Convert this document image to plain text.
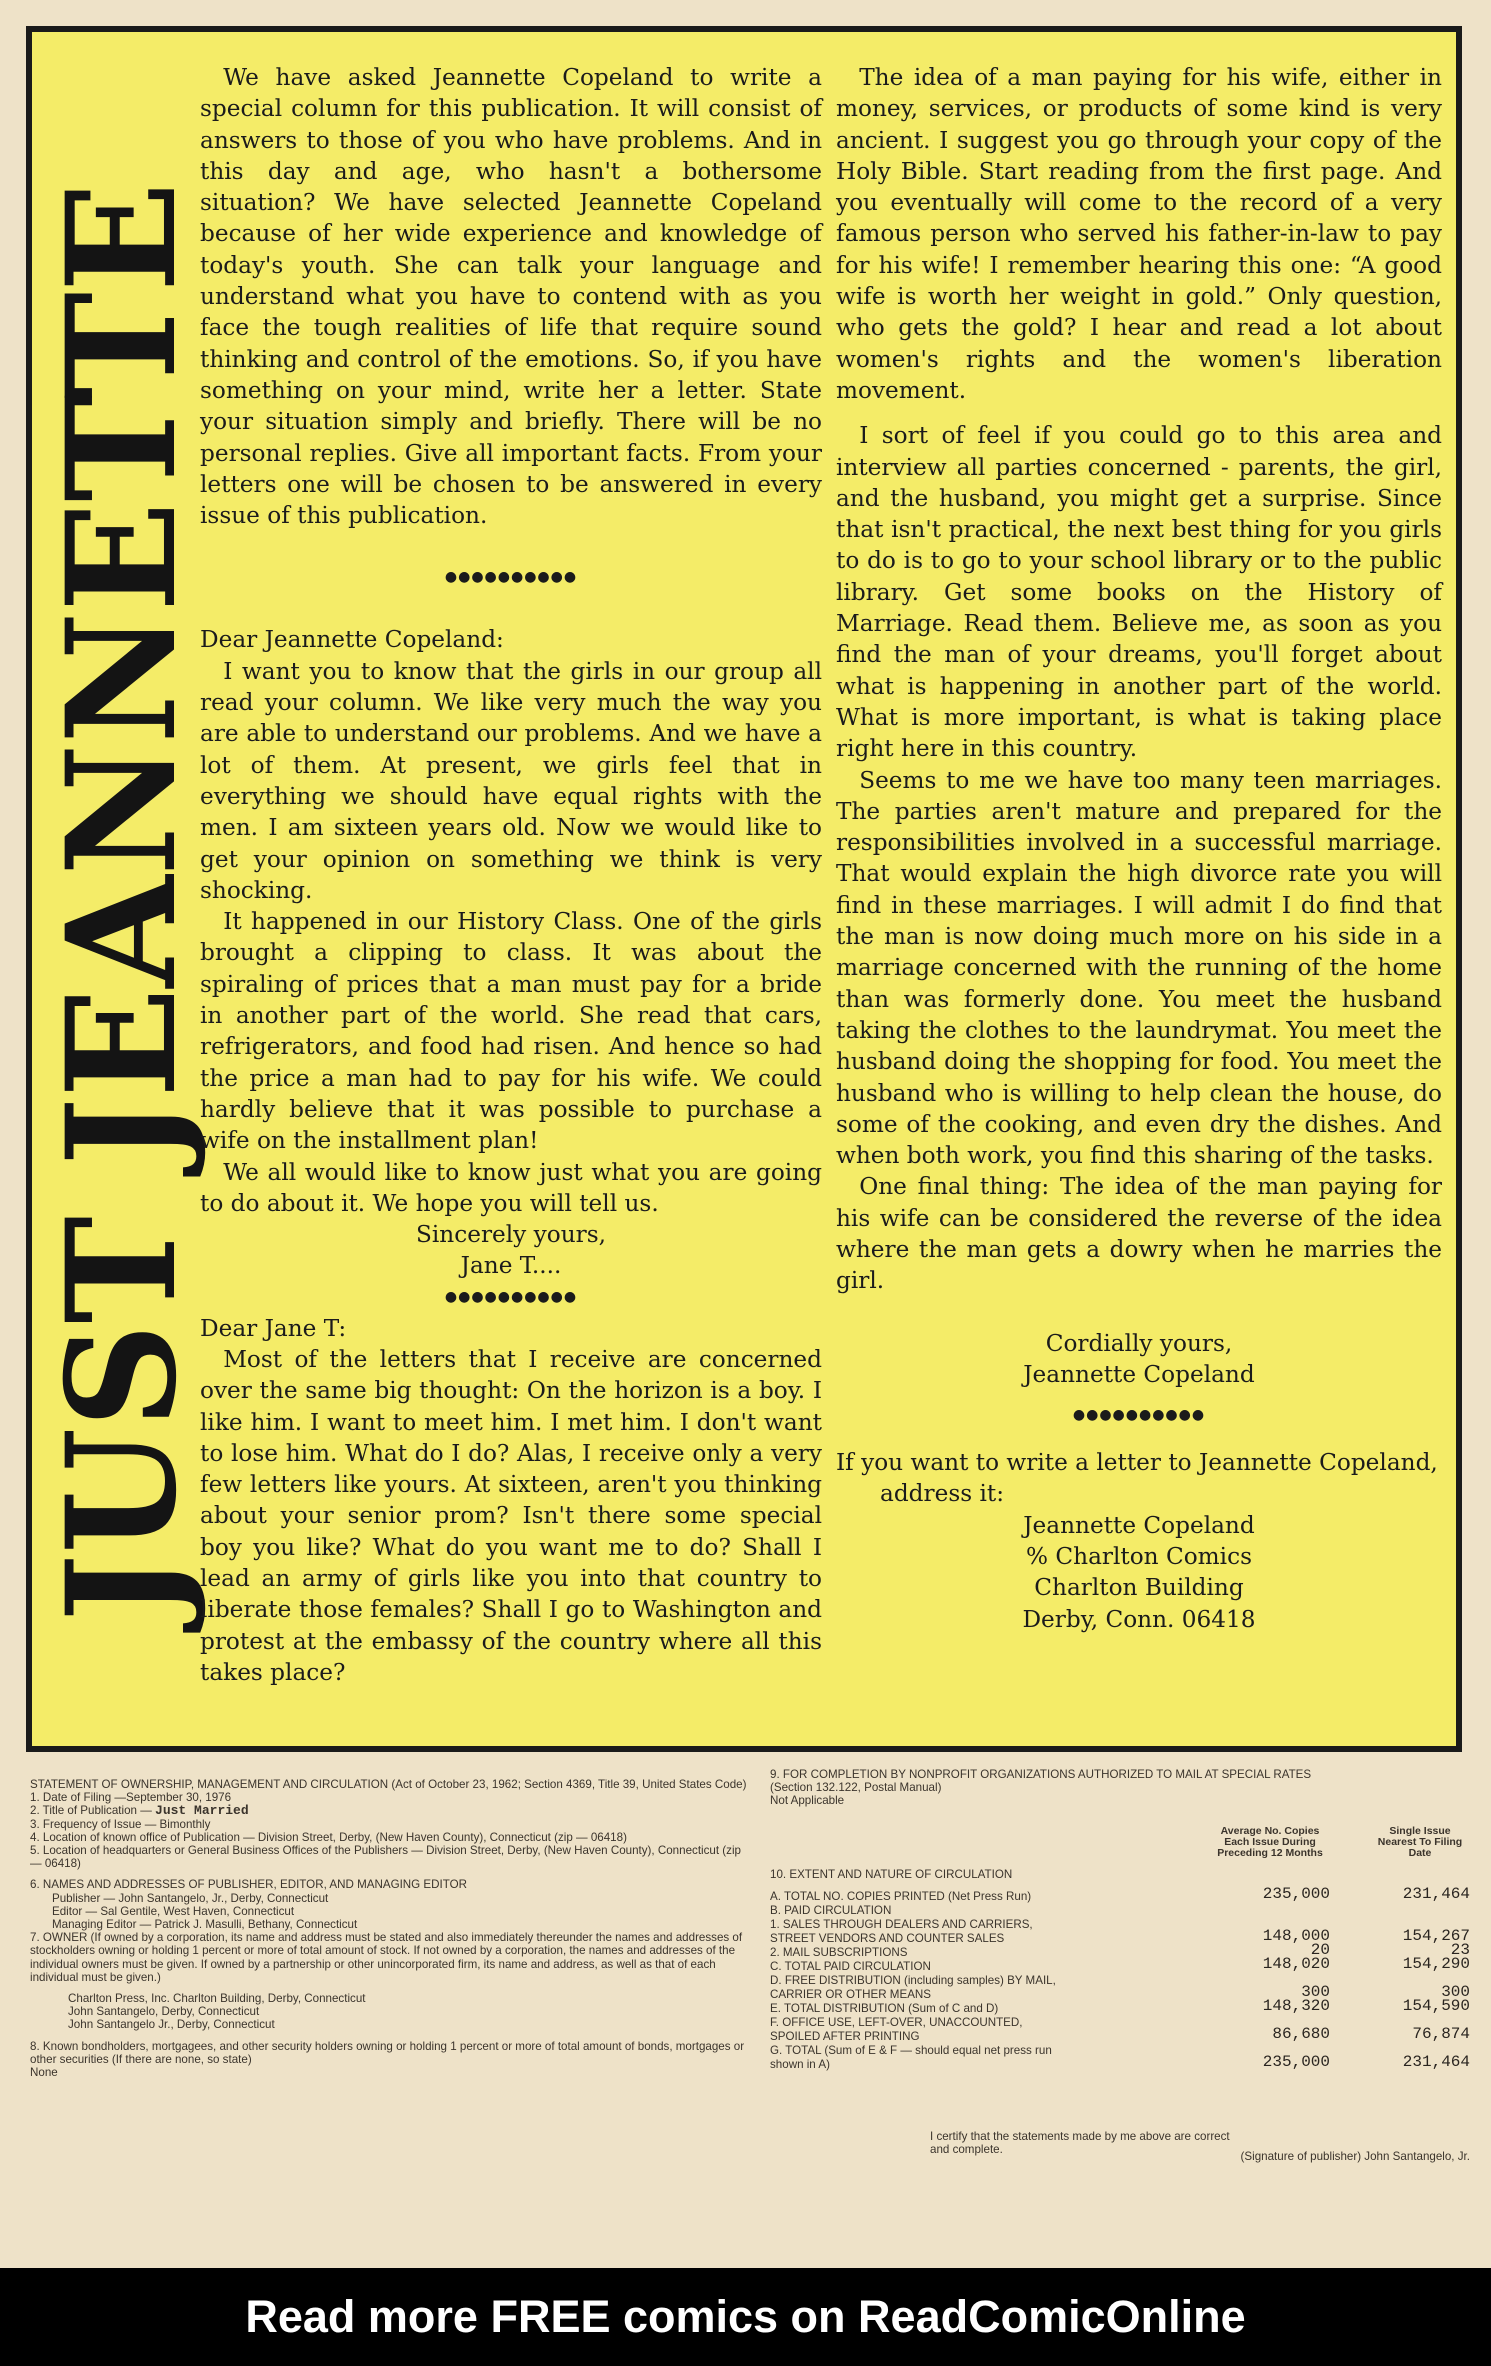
JUST JEANNETTE

We have asked Jeannette Copeland to write a special column for this publication. It will consist of answers to those of you who have problems. And in this day and age, who hasn't a bothersome situation? We have selected Jeannette Copeland because of her wide experience and knowledge of today's youth. She can talk your language and understand what you have to contend with as you face the tough realities of life that require sound thinking and control of the emotions. So, if you have something on your mind, write her a letter. State your situation simply and briefly. There will be no personal replies. Give all important facts. From your letters one will be chosen to be answered in every issue of this publication.

●●●●●●●●●●

Dear Jeannette Copeland:

I want you to know that the girls in our group all read your column. We like very much the way you are able to understand our problems. And we have a lot of them. At present, we girls feel that in everything we should have equal rights with the men. I am sixteen years old. Now we would like to get your opinion on something we think is very shocking.

It happened in our History Class. One of the girls brought a clipping to class. It was about the spiraling of prices that a man must pay for a bride in another part of the world. She read that cars, refrigerators, and food had risen. And hence so had the price a man had to pay for his wife. We could hardly believe that it was possible to purchase a wife on the installment plan!

We all would like to know just what you are going to do about it. We hope you will tell us.

Sincerely yours,

Jane T....

●●●●●●●●●●

Dear Jane T:

Most of the letters that I receive are concerned over the same big thought: On the horizon is a boy. I like him. I want to meet him. I met him. I don't want to lose him. What do I do? Alas, I receive only a very few letters like yours. At sixteen, aren't you thinking about your senior prom? Isn't there some special boy you like? What do you want me to do? Shall I lead an army of girls like you into that country to liberate those females? Shall I go to Washington and protest at the embassy of the country where all this takes place?

The idea of a man paying for his wife, either in money, services, or products of some kind is very ancient. I suggest you go through your copy of the Holy Bible. Start reading from the first page. And you eventually will come to the record of a very famous person who served his father-in-law to pay for his wife! I remember hearing this one: “A good wife is worth her weight in gold.” Only question, who gets the gold? I hear and read a lot about women's rights and the women's liberation movement.

I sort of feel if you could go to this area and interview all parties concerned - parents, the girl, and the husband, you might get a surprise. Since that isn't practical, the next best thing for you girls to do is to go to your school library or to the public library. Get some books on the History of Marriage. Read them. Believe me, as soon as you find the man of your dreams, you'll forget about what is happening in another part of the world. What is more important, is what is taking place right here in this country.

Seems to me we have too many teen marriages. The parties aren't mature and prepared for the responsibilities involved in a successful marriage. That would explain the high divorce rate you will find in these marriages. I will admit I do find that the man is now doing much more on his side in a marriage concerned with the running of the home than was formerly done. You meet the husband taking the clothes to the laundrymat. You meet the husband doing the shopping for food. You meet the husband who is willing to help clean the house, do some of the cooking, and even dry the dishes. And when both work, you find this sharing of the tasks.

One final thing: The idea of the man paying for his wife can be considered the reverse of the idea where the man gets a dowry when he marries the girl.

Cordially yours,

Jeannette Copeland

●●●●●●●●●●

If you want to write a letter to Jeannette Copeland, address it:

Jeannette Copeland

% Charlton Comics

Charlton Building

Derby, Conn. 06418

STATEMENT OF OWNERSHIP, MANAGEMENT AND CIRCULATION (Act of October 23, 1962; Section 4369, Title 39, United States Code)

1. Date of Filing —September 30, 1976

2. Title of Publication — Just Married

3. Frequency of Issue — Bimonthly

4. Location of known office of Publication — Division Street, Derby, (New Haven County), Connecticut (zip — 06418)

5. Location of headquarters or General Business Offices of the Publishers — Division Street, Derby, (New Haven County), Connecticut (zip — 06418)

6. NAMES AND ADDRESSES OF PUBLISHER, EDITOR, AND MANAGING EDITOR

Publisher — John Santangelo, Jr., Derby, Connecticut

Editor — Sal Gentile, West Haven, Connecticut

Managing Editor — Patrick J. Masulli, Bethany, Connecticut

7. OWNER (If owned by a corporation, its name and address must be stated and also immediately thereunder the names and addresses of stockholders owning or holding 1 percent or more of total amount of stock. If not owned by a corporation, the names and addresses of the individual owners must be given. If owned by a partnership or other unincorporated firm, its name and address, as well as that of each individual must be given.)

Charlton Press, Inc. Charlton Building, Derby, Connecticut

John Santangelo, Derby, Connecticut

John Santangelo Jr., Derby, Connecticut

8. Known bondholders, mortgagees, and other security holders owning or holding 1 percent or more of total amount of bonds, mortgages or other securities (If there are none, so state)

None

9. FOR COMPLETION BY NONPROFIT ORGANIZATIONS AUTHORIZED TO MAIL AT SPECIAL RATES

(Section 132.122, Postal Manual)

Not Applicable

Average No. Copies Each Issue During Preceding 12 Months
Single Issue Nearest To Filing Date
10. EXTENT AND NATURE OF CIRCULATION
A. TOTAL NO. COPIES PRINTED (Net Press Run)	235,000	231,464
B. PAID CIRCULATION
1. SALES THROUGH DEALERS AND CARRIERS,
STREET VENDORS AND COUNTER SALES	148,000	154,267
2. MAIL SUBSCRIPTIONS	20	23
C. TOTAL PAID CIRCULATION	148,020	154,290
D. FREE DISTRIBUTION (including samples) BY MAIL,
CARRIER OR OTHER MEANS	300	300
E. TOTAL DISTRIBUTION (Sum of C and D)	148,320	154,590
F. OFFICE USE, LEFT-OVER, UNACCOUNTED,
SPOILED AFTER PRINTING	86,680	76,874
G. TOTAL (Sum of E & F — should equal net press run
shown in A)	235,000	231,464

I certify that the statements made by me above are correct and complete.

(Signature of publisher) John Santangelo, Jr.

Read more FREE comics on ReadComicOnline
